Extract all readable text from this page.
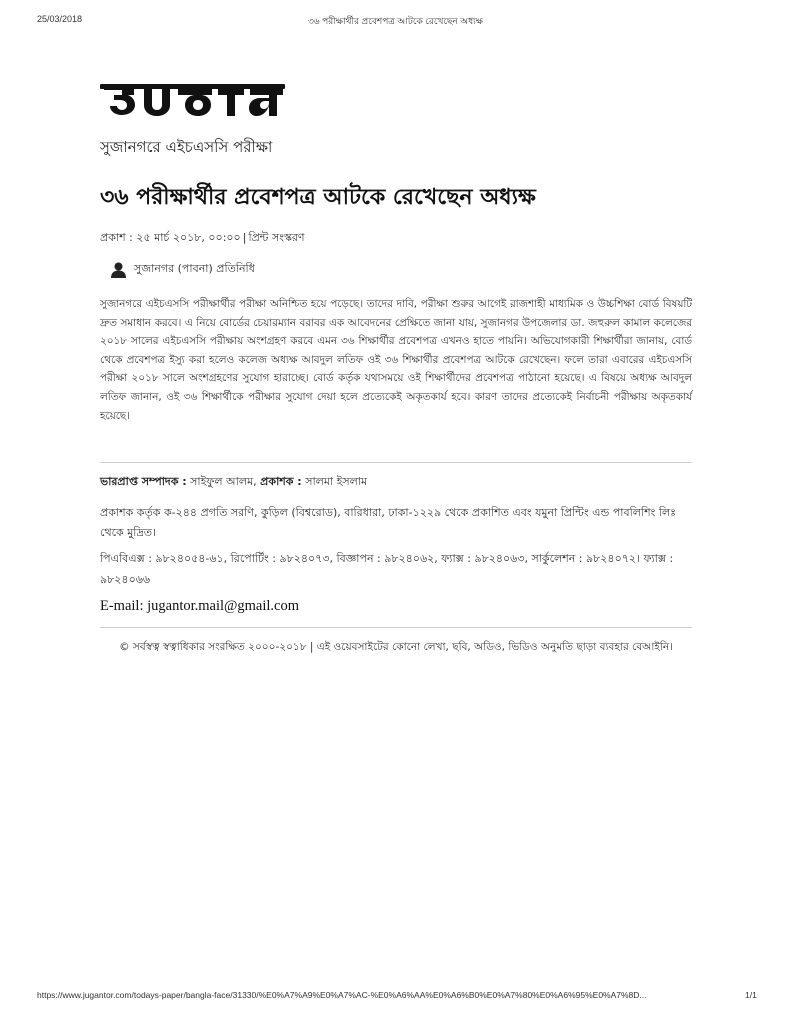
25/03/2018	৩৬ পরীক্ষার্থীর প্রবেশপত্র আটকে রেখেছেন অধ্যক্ষ
সুজানগরে এইচএসসি পরীক্ষা
৩৬ পরীক্ষার্থীর প্রবেশপত্র আটকে রেখেছেন অধ্যক্ষ
প্রকাশ : ২৫ মার্চ ২০১৮, ০০:০০ | প্রিন্ট সংস্করণ
সুজানগর (পাবনা) প্রতিনিধি

সুজানগরে এইচএসসি পরীক্ষার্থীর পরীক্ষা অনিশ্চিত হয়ে পড়েছে। তাদের দাবি, পরীক্ষা শুরুর আগেই রাজশাহী মাধ্যমিক ও উচ্চশিক্ষা বোর্ড বিষয়টি দ্রুত সমাধান করবে। এ নিয়ে বোর্ডের চেয়ারম্যান বরাবর এক আবেদনের প্রেক্ষিতে জানা যায়, সুজানগর উপজেলার ডা. জহুরুল কামাল কলেজের ২০১৮ সালের এইচএসসি পরীক্ষায় অংশগ্রহণ করবে এমন ৩৬ শিক্ষার্থীর প্রবেশপত্র এখনও হাতে পায়নি। অভিযোগকারী শিক্ষার্থীরা জানায়, বোর্ড থেকে প্রবেশপত্র ইস্যু করা হলেও কলেজ অধ্যক্ষ আবদুল লতিফ ওই ৩৬ শিক্ষার্থীর প্রবেশপত্র আটকে রেখেছেন। ফলে তারা এবারের এইচএসসি পরীক্ষা ২০১৮ সালে অংশগ্রহণের সুযোগ হারাচ্ছে। বোর্ড কর্তৃক যথাসময়ে ওই শিক্ষার্থীদের প্রবেশপত্র পাঠানো হয়েছে। এ বিষয়ে অধ্যক্ষ আবদুল লতিফ জানান, ওই ৩৬ শিক্ষার্থীকে পরীক্ষার সুযোগ দেয়া হলে প্রত্যেকেই অকৃতকার্য হবে। কারণ তাদের প্রত্যেকেই নির্বাচনী পরীক্ষায় অকৃতকার্য হয়েছে।

ভারপ্রাপ্ত সম্পাদক : সাইফুল আলম, প্রকাশক : সালমা ইসলাম
প্রকাশক কর্তৃক ক-২৪৪ প্রগতি সরণি, কুড়িল (বিশ্বরোড), বারিধারা, ঢাকা-১২২৯ থেকে প্রকাশিত এবং যমুনা প্রিন্টিং এন্ড পাবলিশিং লিঃ থেকে মুদ্রিত।
পিএবিএক্স : ৯৮২৪০৫৪-৬১, রিপোর্টিং : ৯৮২৪০৭৩, বিজ্ঞাপন : ৯৮২৪০৬২, ফ্যাক্স : ৯৮২৪০৬৩, সার্কুলেশন : ৯৮২৪০৭২। ফ্যাক্স : ৯৮২৪০৬৬
E-mail: jugantor.mail@gmail.com
© সর্বস্বত্ব স্বত্বাধিকার সংরক্ষিত ২০০০-২০১৮ | এই ওয়েবসাইটের কোনো লেখা, ছবি, অডিও, ভিডিও অনুমতি ছাড়া ব্যবহার বেআইনি।
https://www.jugantor.com/todays-paper/bangla-face/31330/%E0%A7%A9%E0%A7%AC-%E0%A6%AA%E0%A6%B0%E0%A7%80%E0%A6%95%E0%A7%8D...	1/1
